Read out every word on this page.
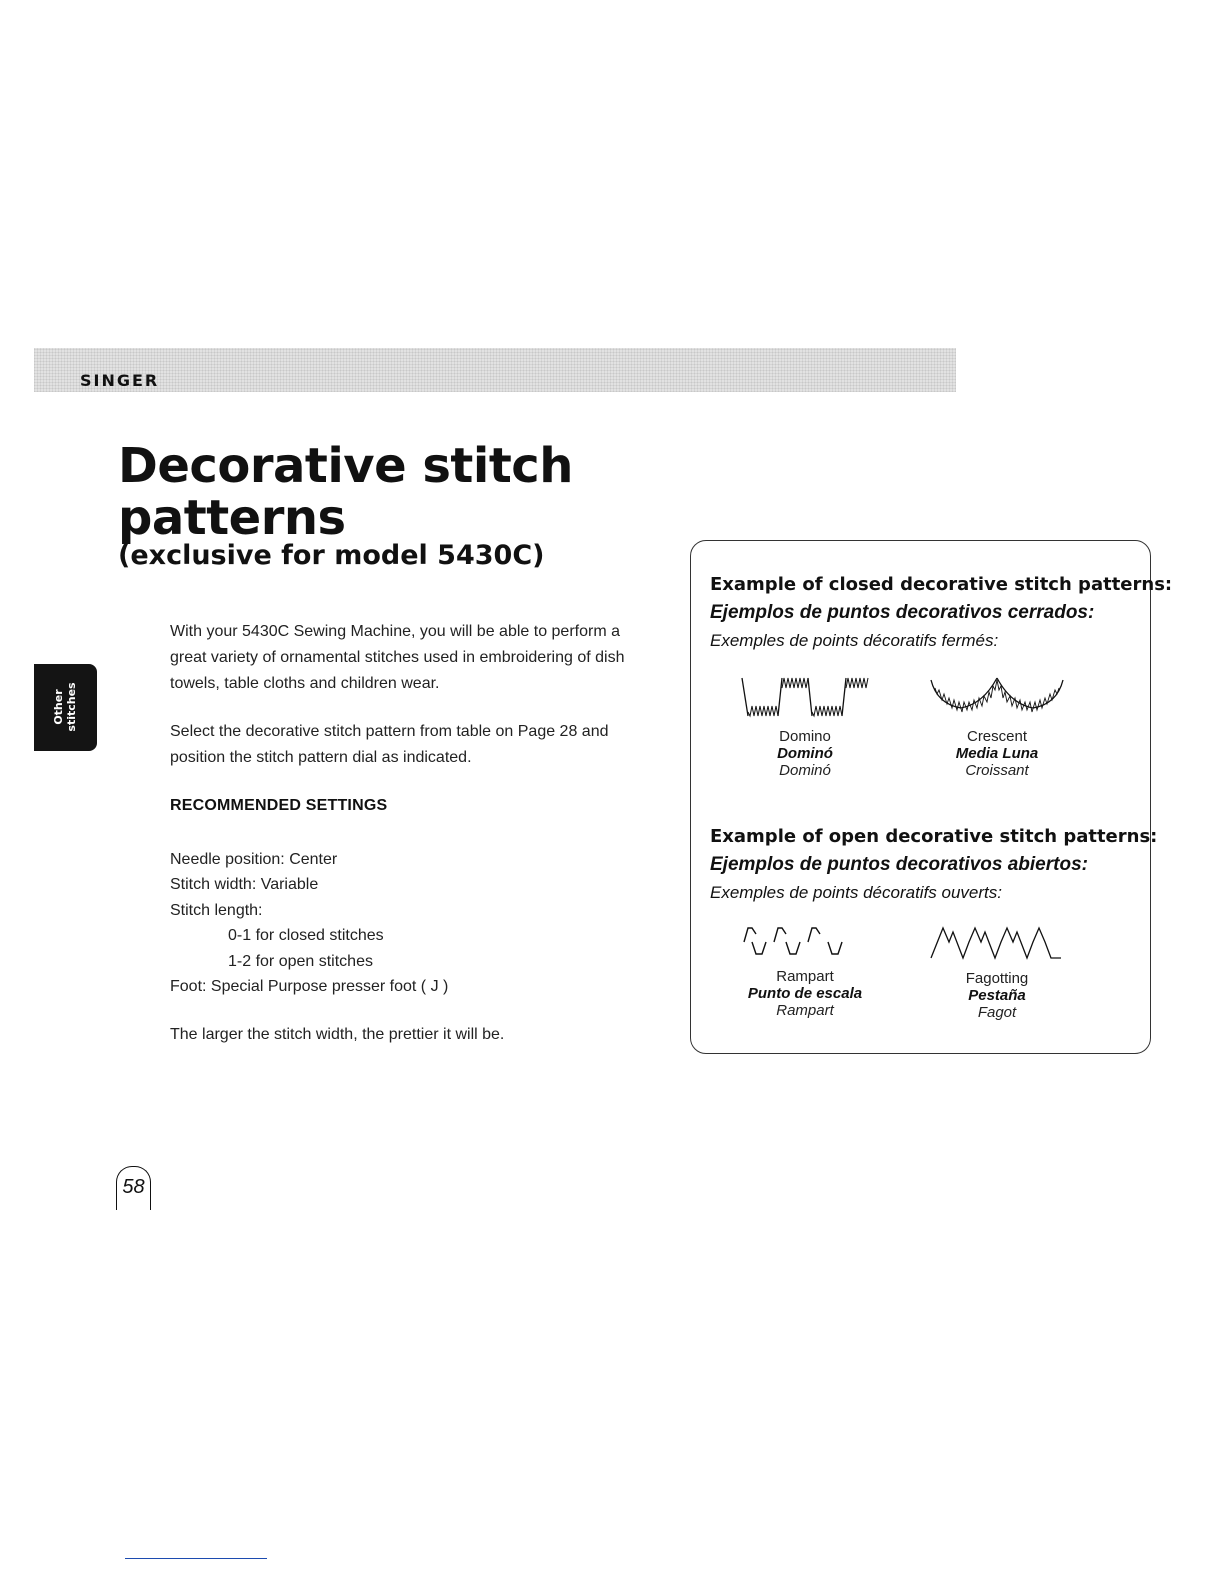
SINGER
Decorative stitch
patterns
(exclusive for model 5430C)
Other
stitches
With your 5430C Sewing Machine, you will be able to perform a great variety of ornamental stitches used in embroidering of dish towels, table cloths and children wear.
Select the decorative stitch pattern from table on Page 28 and position the stitch pattern dial as indicated.
RECOMMENDED SETTINGS
Needle position: Center
Stitch width: Variable
Stitch length:
0-1 for closed stitches
1-2 for open stitches
Foot: Special Purpose presser foot ( J )
The larger the stitch width, the prettier it will be.
Example of closed decorative stitch patterns:
Ejemplos de puntos decorativos cerrados:
Exemples de points décoratifs fermés:
Domino
Dominó
Dominó
Crescent
Media Luna
Croissant
Example of open decorative stitch patterns:
Ejemplos de puntos decorativos abiertos:
Exemples de points décoratifs ouverts:
Rampart
Punto de escala
Rampart
Fagotting
Pestaña
Fagot
58
